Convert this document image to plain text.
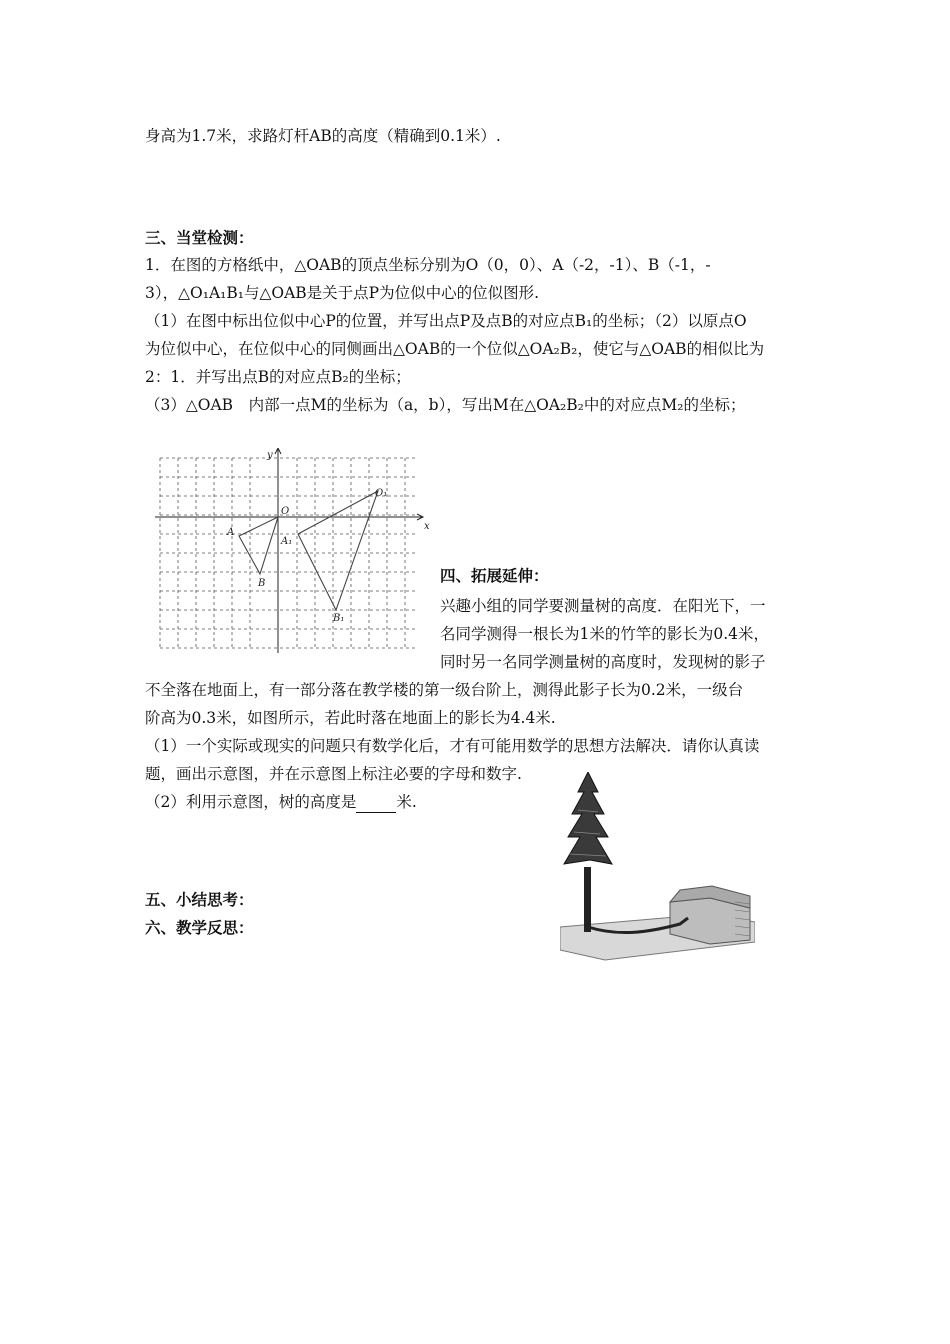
身高为1.7米，求路灯杆AB的高度（精确到0.1米）.
三、当堂检测：
1．在图的方格纸中，△OAB的顶点坐标分别为O（0，0）、A（-2，-1）、B（-1，-
3），△O₁A₁B₁与△OAB是关于点P为位似中心的位似图形.
（1）在图中标出位似中心P的位置，并写出点P及点B的对应点B₁的坐标；（2）以原点O
为位似中心，在位似中心的同侧画出△OAB的一个位似△OA₂B₂，使它与△OAB的相似比为
2：1．并写出点B的对应点B₂的坐标；
（3）△OAB　内部一点M的坐标为（a，b），写出M在△OA₂B₂中的对应点M₂的坐标；
x
y
O
A
B
O₁
A₁
B₁
四、拓展延伸：
兴趣小组的同学要测量树的高度．在阳光下，一
名同学测得一根长为1米的竹竿的影长为0.4米，
同时另一名同学测量树的高度时，发现树的影子
不全落在地面上，有一部分落在教学楼的第一级台阶上，测得此影子长为0.2米，一级台
阶高为0.3米，如图所示，若此时落在地面上的影长为4.4米.
（1）一个实际或现实的问题只有数学化后，才有可能用数学的思想方法解决．请你认真读
题，画出示意图，并在示意图上标注必要的字母和数字.
（2）利用示意图，树的高度是	米.
五、小结思考：
六、教学反思：
